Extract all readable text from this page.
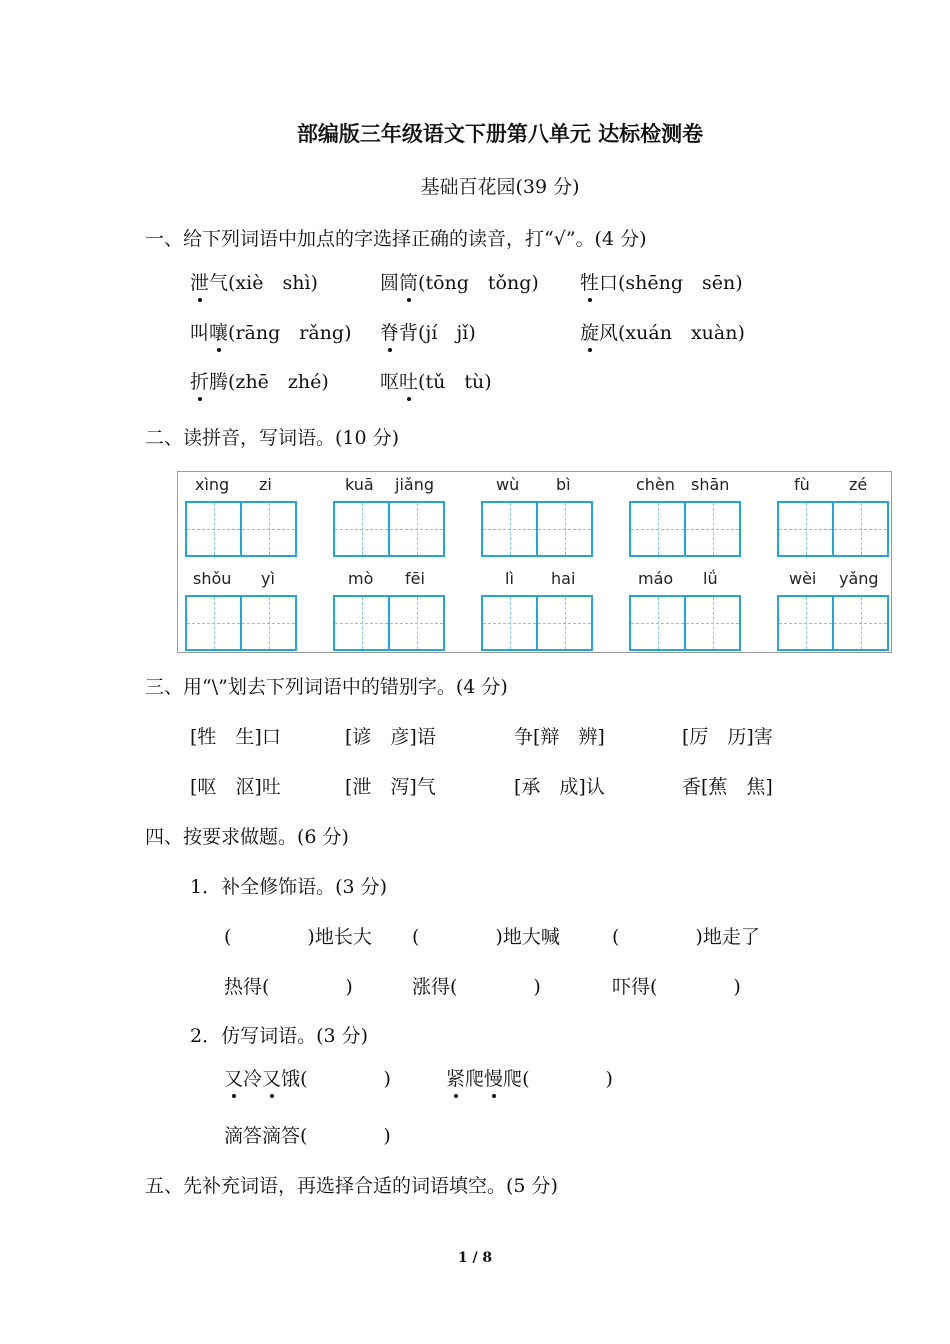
部编版三年级语文下册第八单元 达标检测卷
基础百花园(39 分)
一、给下列词语中加点的字选择正确的读音，打“√”。(4 分)
泄气(xiè　shì)	圆筒(tōng　tǒng) 牲口(shēng　sēn)
叫嚷(rāng　rǎng) 脊背(jí　jǐ)	旋风(xuán　xuàn)
折腾(zhē　zhé)	呕吐(tǔ　tù)
二、读拼音，写词语。(10 分)
xìng zi	kuā jiǎng	wù bì	chèn shān	fù zé
shǒu yì	mò fēi	lì hai	máo lǘ	wèi yǎng
三、用“\”划去下列词语中的错别字。(4 分)
[牲　生]口	[谚　彦]语	争[辩　辨]	[厉　历]害
[呕　沤]吐	[泄　泻]气	[承　成]认	香[蕉　焦]
四、按要求做题。(6 分)
1．补全修饰语。(3 分)
(　　　　)地长大 (　　　　)地大喊	(　　　　)地走了
热得(　　　　)	涨得(　　　　)	吓得(　　　　)
2．仿写词语。(3 分)
又冷又饿(　　　　)	紧爬慢爬(　　　　)
滴答滴答(　　　　)
五、先补充词语，再选择合适的词语填空。(5 分)
1 / 8
